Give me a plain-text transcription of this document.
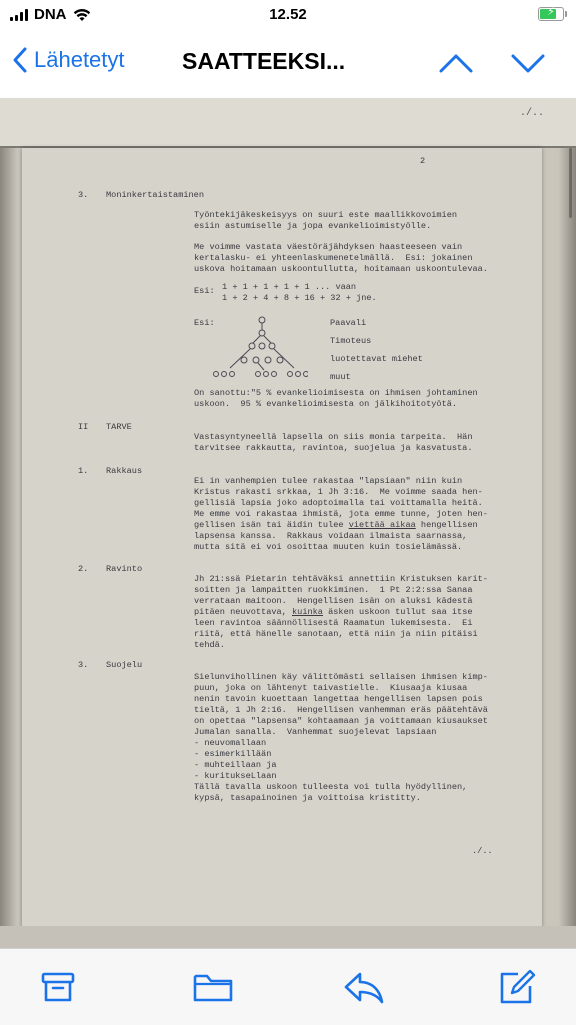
DNA	12.52	⚡
Lähetetyt SAATTEEKSI...
./..
2
3. Moninkertaistaminen
Työntekijäkeskeisyys on suuri este maallikkovoimien
esiin astumiselle ja jopa evankelioimistyölle.
Me voimme vastata väestöräjähdyksen haasteeseen vain
kertalasku- ei yhteenlaskumenetelmällä.  Esi: jokainen
uskova hoitamaan uskoontullutta, hoitamaan uskoontulevaa.
Esi: 1 + 1 + 1 + 1 + 1 ... vaan
1 + 2 + 4 + 8 + 16 + 32 + jne.
Esi:	Paavali
Timoteus
luotettavat miehet
muut
On sanottu:"5 % evankelioimisesta on ihmisen johtaminen
uskoon.  95 % evankelioimisesta on jälkihoitotyötä.
II TARVE
Vastasyntyneellä lapsella on siis monia tarpeita.  Hän
tarvitsee rakkautta, ravintoa, suojelua ja kasvatusta.
1. Rakkaus
Ei in vanhempien tulee rakastaa "lapsiaan" niin kuin
Kristus rakasti srkkaa, 1 Jh 3:16.  Me voimme saada hen-
gellisiä lapsia joko adoptoimalla tai voittamalla heitä.
Me emme voi rakastaa ihmistä, jota emme tunne, joten hen-
gellisen isän tai äidin tulee viettää aikaa hengellisen
lapsensa kanssa.  Rakkaus voidaan ilmaista saarnassa,
mutta sitä ei voi osoittaa muuten kuin tosielämässä.
2. Ravinto
Jh 21:ssä Pietarin tehtäväksi annettiin Kristuksen karit-
soitten ja lampaitten ruokkiminen.  1 Pt 2:2:ssa Sanaa
verrataan maitoon.  Hengellisen isän on aluksi kädestä
pitäen neuvottava, kuinka äsken uskoon tullut saa itse
leen ravintoa säännöllisestä Raamatun lukemisesta.  Ei
riitä, että hänelle sanotaan, että niin ja niin pitäisi
tehdä.
3. Suojelu
Sielunvihollinen käy välittömästi sellaisen ihmisen kimp-
puun, joka on lähtenyt taivastielle.  Kiusaaja kiusaa
nenin tavoin kuoettaan langettaa hengellisen lapsen pois
tieltä, 1 Jh 2:16.  Hengellisen vanhemman eräs päätehtävä
on opettaa "lapsensa" kohtaamaan ja voittamaan kiusaukset
Jumalan sanalla.  Vanhemmat suojelevat lapsiaan
- neuvomallaan
- esimerkillään
- muhteillaan ja
- kuritukseLlaan
Tällä tavalla uskoon tulleesta voi tulla hyödyllinen,
kypsä, tasapainoinen ja voittoisa kristitty.
./..
